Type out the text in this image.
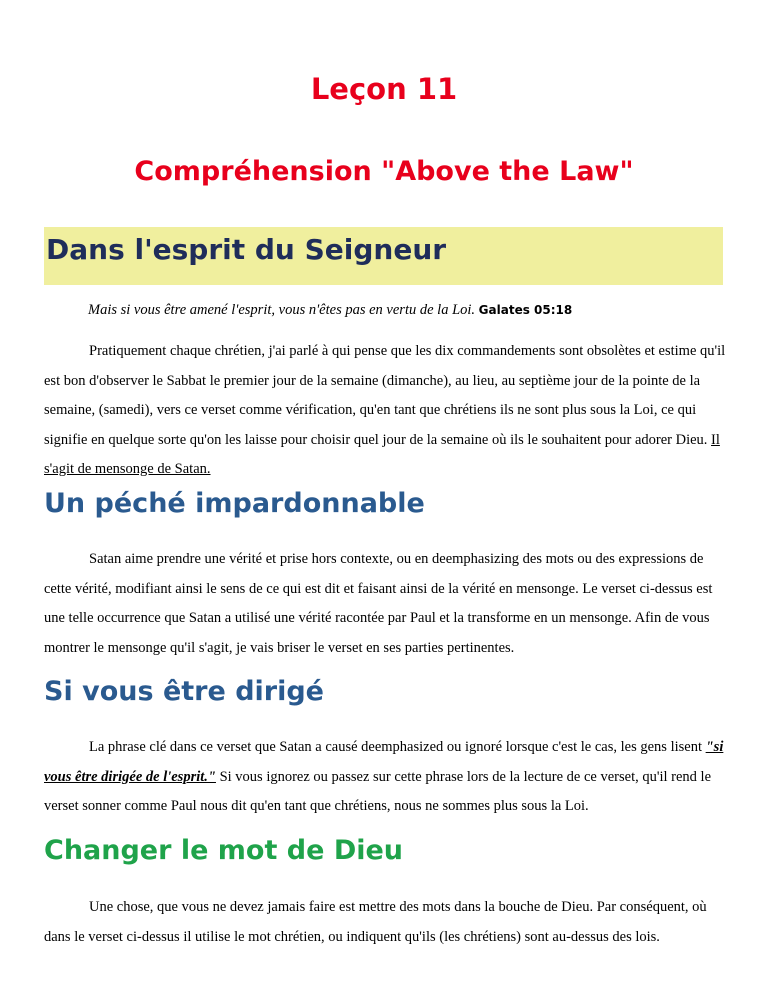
Leçon 11
Compréhension "Above the Law"
Dans l'esprit du Seigneur
Mais si vous être amené l'esprit, vous n'êtes pas en vertu de la Loi. Galates 05:18
Pratiquement chaque chrétien, j'ai parlé à qui pense que les dix commandements sont obsolètes et estime qu'il est bon d'observer le Sabbat le premier jour de la semaine (dimanche), au lieu, au septième jour de la pointe de la semaine, (samedi), vers ce verset comme vérification, qu'en tant que chrétiens ils ne sont plus sous la Loi, ce qui signifie en quelque sorte qu'on les laisse pour choisir quel jour de la semaine où ils le souhaitent pour adorer Dieu. Il s'agit de mensonge de Satan.
Un péché impardonnable
Satan aime prendre une vérité et prise hors contexte, ou en deemphasizing des mots ou des expressions de cette vérité, modifiant ainsi le sens de ce qui est dit et faisant ainsi de la vérité en mensonge. Le verset ci-dessus est une telle occurrence que Satan a utilisé une vérité racontée par Paul et la transforme en un mensonge. Afin de vous montrer le mensonge qu'il s'agit, je vais briser le verset en ses parties pertinentes.
Si vous être dirigé
La phrase clé dans ce verset que Satan a causé deemphasized ou ignoré lorsque c'est le cas, les gens lisent "si vous être dirigée de l'esprit." Si vous ignorez ou passez sur cette phrase lors de la lecture de ce verset, qu'il rend le verset sonner comme Paul nous dit qu'en tant que chrétiens, nous ne sommes plus sous la Loi.
Changer le mot de Dieu
Une chose, que vous ne devez jamais faire est mettre des mots dans la bouche de Dieu. Par conséquent, où dans le verset ci-dessus il utilise le mot chrétien, ou indiquent qu'ils (les chrétiens) sont au-dessus des lois.
